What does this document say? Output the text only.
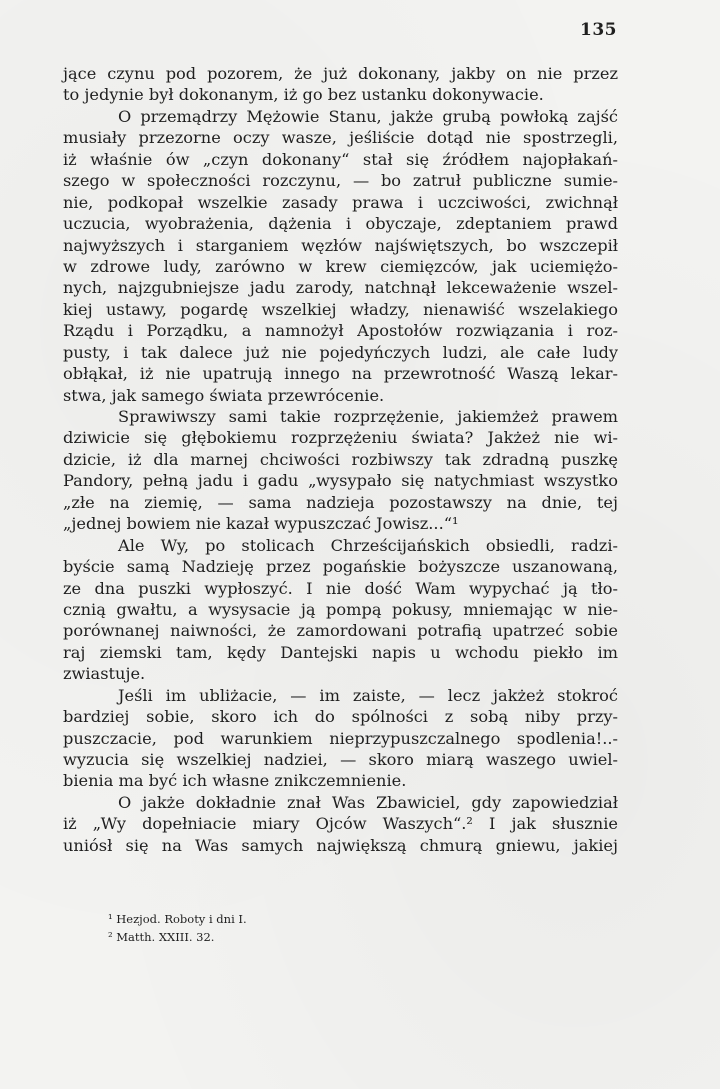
135
jące czynu pod pozorem, że już dokonany, jakby on nie przez
to jedynie był dokonanym, iż go bez ustanku dokonywacie.
O przemądrzy Mężowie Stanu, jakże grubą powłoką zajść
musiały przezorne oczy wasze, jeśliście dotąd nie spostrzegli,
iż właśnie ów „czyn dokonany“ stał się źródłem najopłakań-
szego w społeczności rozczynu, — bo zatruł publiczne sumie-
nie, podkopał wszelkie zasady prawa i uczciwości, zwichnął
uczucia, wyobrażenia, dążenia i obyczaje, zdeptaniem prawd
najwyższych i starganiem węzłów najświętszych, bo wszczepił
w zdrowe ludy, zarówno w krew ciemięzców, jak uciemiężo-
nych, najzgubniejsze jadu zarody, natchnął lekceważenie wszel-
kiej ustawy, pogardę wszelkiej władzy, nienawiść wszelakiego
Rządu i Porządku, a namnożył Apostołów rozwiązania i roz-
pusty, i tak dalece już nie pojedyńczych ludzi, ale całe ludy
obłąkał, iż nie upatrują innego na przewrotność Waszą lekar-
stwa, jak samego świata przewrócenie.
Sprawiwszy sami takie rozprzężenie, jakiemżeż prawem
dziwicie się głębokiemu rozprzężeniu świata? Jakżeż nie wi-
dzicie, iż dla marnej chciwości rozbiwszy tak zdradną puszkę
Pandory, pełną jadu i gadu „wysypało się natychmiast wszystko
„złe na ziemię, — sama nadzieja pozostawszy na dnie, tej
„jednej bowiem nie kazał wypuszczać Jowisz...“¹
Ale Wy, po stolicach Chrześcijańskich obsiedli, radzi-
byście samą Nadzieję przez pogańskie bożyszcze uszanowaną,
ze dna puszki wypłoszyć. I nie dość Wam wypychać ją tło-
cznią gwałtu, a wysysacie ją pompą pokusy, mniemając w nie-
porównanej naiwności, że zamordowani potrafią upatrzeć sobie
raj ziemski tam, kędy Dantejski napis u wchodu piekło im
zwiastuje.
Jeśli im ubliżacie, — im zaiste, — lecz jakżeż stokroć
bardziej sobie, skoro ich do spólności z sobą niby przy-
puszczacie, pod warunkiem nieprzypuszczalnego spodlenia!..-
wyzucia się wszelkiej nadziei, — skoro miarą waszego uwiel-
bienia ma być ich własne znikczemnienie.
O jakże dokładnie znał Was Zbawiciel, gdy zapowiedział
iż „Wy dopełniacie miary Ojców Waszych“.² I jak słusznie
uniósł się na Was samych największą chmurą gniewu, jakiej
¹ Hezjod. Roboty i dni I.
² Matth. XXIII. 32.
